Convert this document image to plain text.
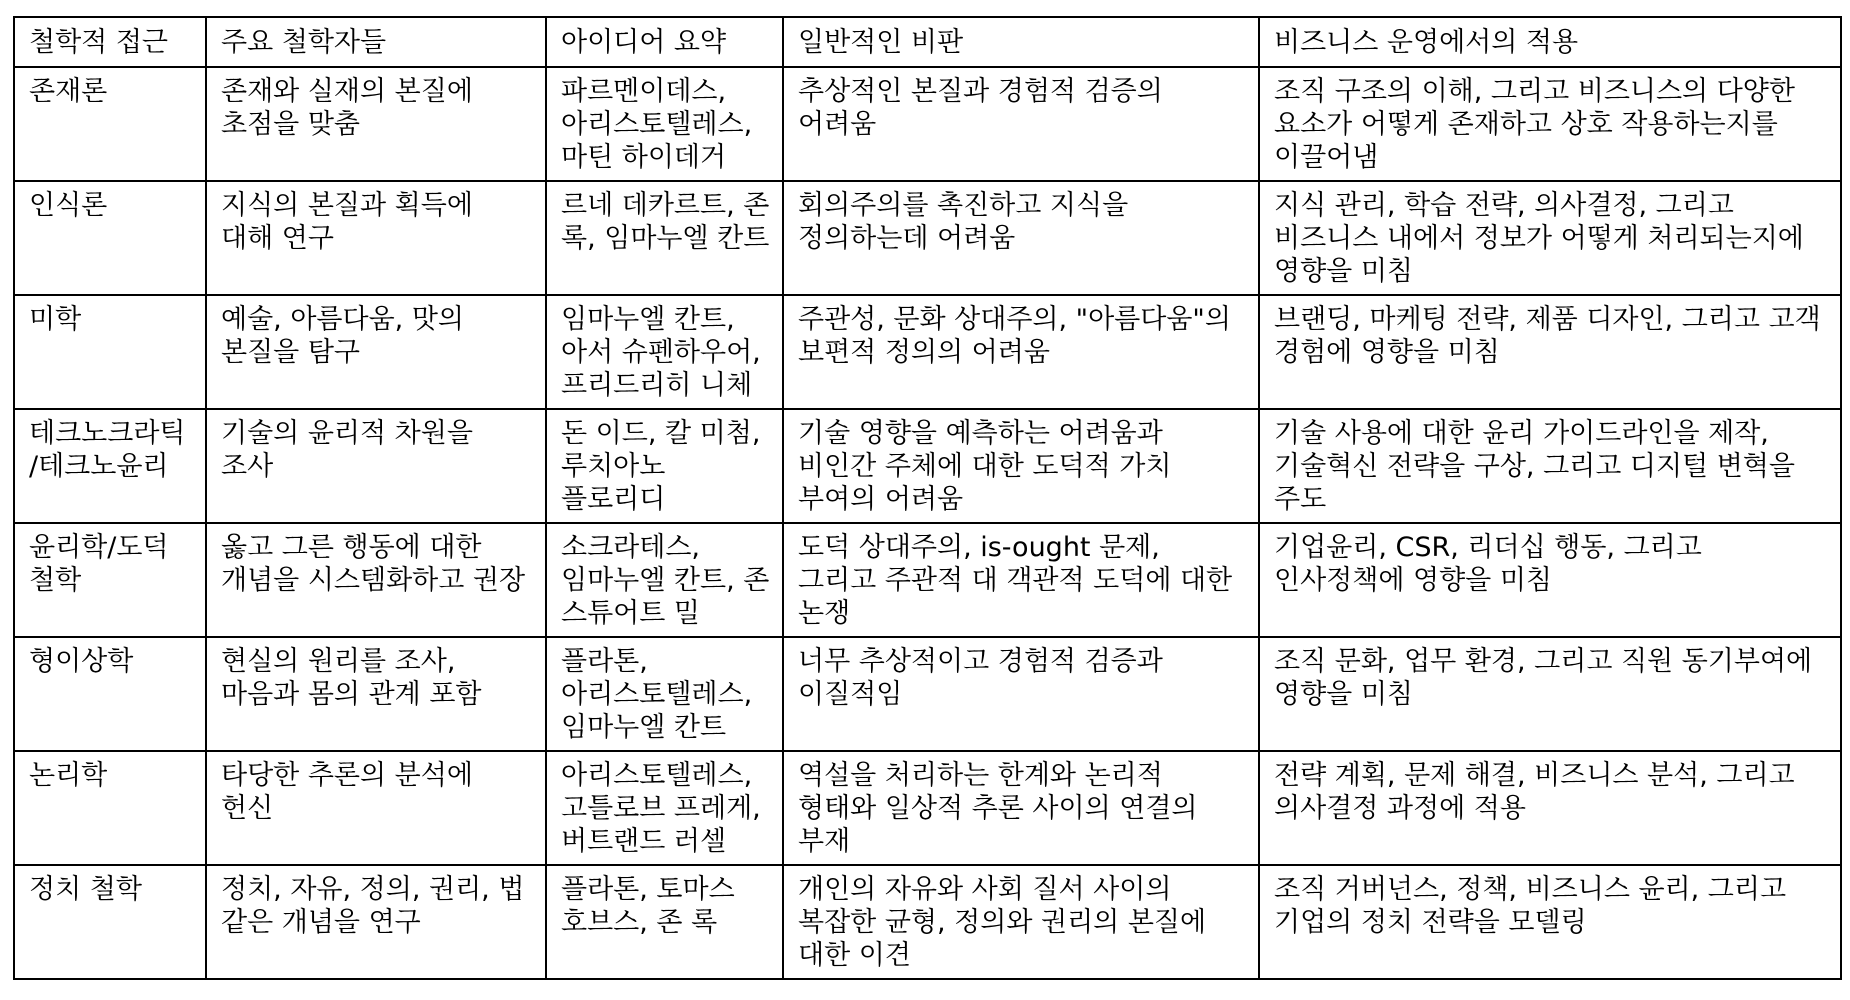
철학적 접근	주요 철학자들	아이디어 요약	일반적인 비판	비즈니스 운영에서의 적용
존재론	존재와 실재의 본질에 초점을 맞춤	파르멘이데스, 아리스토텔레스, 마틴 하이데거	추상적인 본질과 경험적 검증의 어려움	조직 구조의 이해, 그리고 비즈니스의 다양한 요소가 어떻게 존재하고 상호 작용하는지를 이끌어냄
인식론	지식의 본질과 획득에 대해 연구	르네 데카르트, 존 록, 임마누엘 칸트	회의주의를 촉진하고 지식을 정의하는데 어려움	지식 관리, 학습 전략, 의사결정, 그리고 비즈니스 내에서 정보가 어떻게 처리되는지에 영향을 미침
미학	예술, 아름다움, 맛의 본질을 탐구	임마누엘 칸트, 아서 슈펜하우어, 프리드리히 니체	주관성, 문화 상대주의, "아름다움"의 보편적 정의의 어려움	브랜딩, 마케팅 전략, 제품 디자인, 그리고 고객 경험에 영향을 미침
테크노크라틱/테크노윤리	기술의 윤리적 차원을 조사	돈 이드, 칼 미첨, 루치아노 플로리디	기술 영향을 예측하는 어려움과 비인간 주체에 대한 도덕적 가치 부여의 어려움	기술 사용에 대한 윤리 가이드라인을 제작, 기술혁신 전략을 구상, 그리고 디지털 변혁을 주도
윤리학/도덕 철학	옳고 그른 행동에 대한 개념을 시스템화하고 권장	소크라테스, 임마누엘 칸트, 존 스튜어트 밀	도덕 상대주의, is-ought 문제, 그리고 주관적 대 객관적 도덕에 대한 논쟁	기업윤리, CSR, 리더십 행동, 그리고 인사정책에 영향을 미침
형이상학	현실의 원리를 조사, 마음과 몸의 관계 포함	플라톤, 아리스토텔레스, 임마누엘 칸트	너무 추상적이고 경험적 검증과 이질적임	조직 문화, 업무 환경, 그리고 직원 동기부여에 영향을 미침
논리학	타당한 추론의 분석에 헌신	아리스토텔레스, 고틀로브 프레게, 버트랜드 러셀	역설을 처리하는 한계와 논리적 형태와 일상적 추론 사이의 연결의 부재	전략 계획, 문제 해결, 비즈니스 분석, 그리고 의사결정 과정에 적용
정치 철학	정치, 자유, 정의, 권리, 법 같은 개념을 연구	플라톤, 토마스 호브스, 존 록	개인의 자유와 사회 질서 사이의 복잡한 균형, 정의와 권리의 본질에 대한 이견	조직 거버넌스, 정책, 비즈니스 윤리, 그리고 기업의 정치 전략을 모델링
